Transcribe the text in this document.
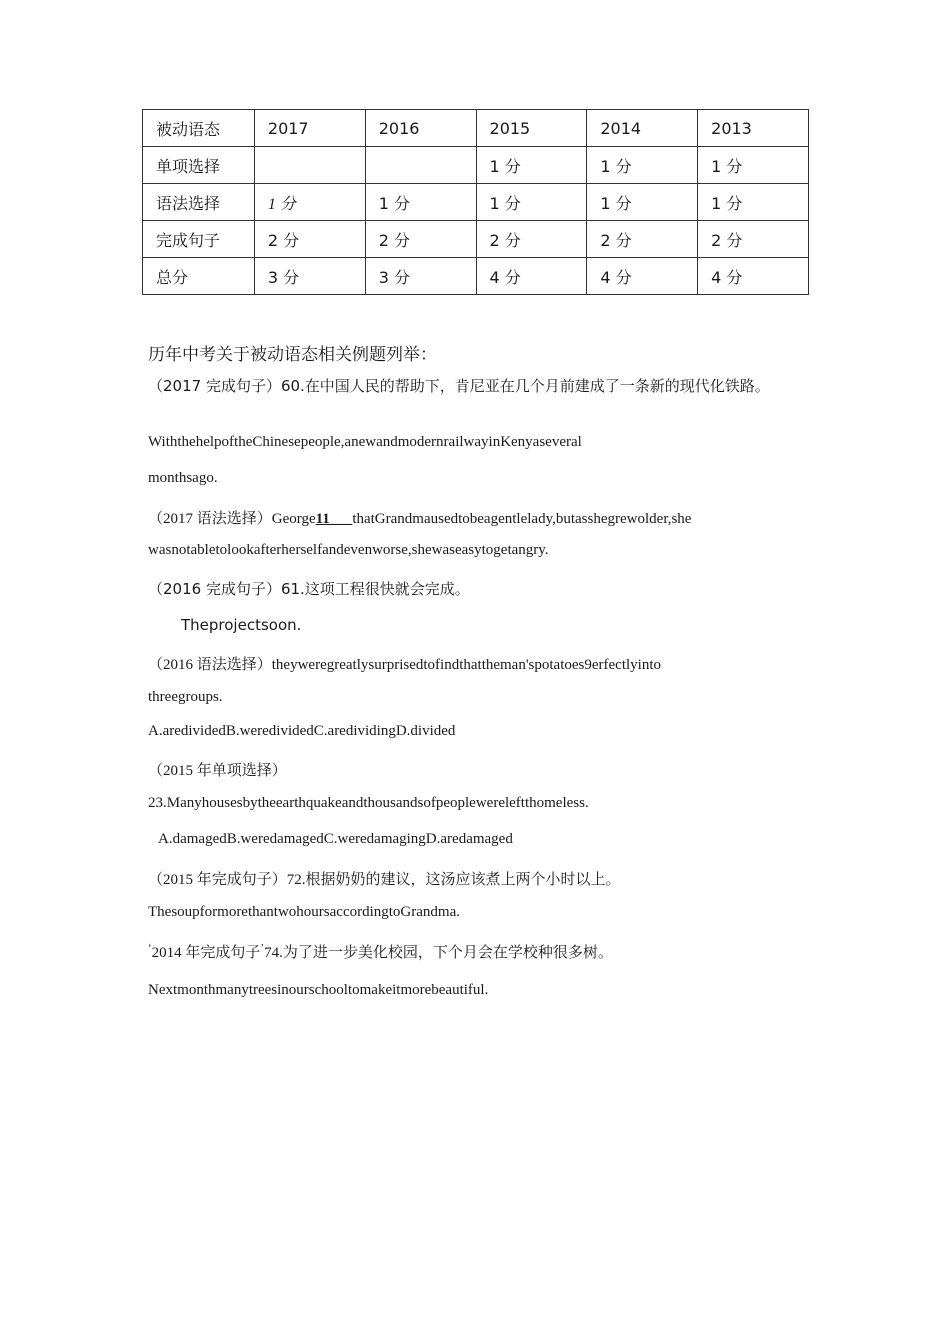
被动语态	2017	2016	2015	2014	2013
单项选择			1 分	1 分	1 分
语法选择	1 分	1 分	1 分	1 分	1 分
完成句子	2 分	2 分	2 分	2 分	2 分
总分	3 分	3 分	4 分	4 分	4 分
历年中考关于被动语态相关例题列举：
（2017 完成句子）60.在中国人民的帮助下，肯尼亚在几个月前建成了一条新的现代化铁路。
WiththehelpoftheChinesepeople,anewandmodernrailwayinKenyaseveral
monthsago.
（2017 语法选择）George11___thatGrandmausedtobeagentlelady,butasshegrewolder,she
wasnotabletolookafterherselfandevenworse,shewaseasytogetangry.
（2016 完成句子）61.这项工程很快就会完成。
Theprojectsoon.
（2016 语法选择）theyweregreatlysurprisedtofindthattheman'spotatoes9erfectlyinto
threegroups.
A.aredividedB.weredividedC.aredividingD.divided
（2015 年单项选择）
23.Manyhousesbytheearthquakeandthousandsofpeoplewereleftthomeless.
A.damagedB.weredamagedC.weredamagingD.aredamaged
（2015 年完成句子）72.根据奶奶的建议，这汤应该煮上两个小时以上。
ThesoupformorethantwohoursaccordingtoGrandma.
‘2014 年完成句子’74.为了进一步美化校园，下个月会在学校种很多树。
Nextmonthmanytreesinourschooltomakeitmorebeautiful.
